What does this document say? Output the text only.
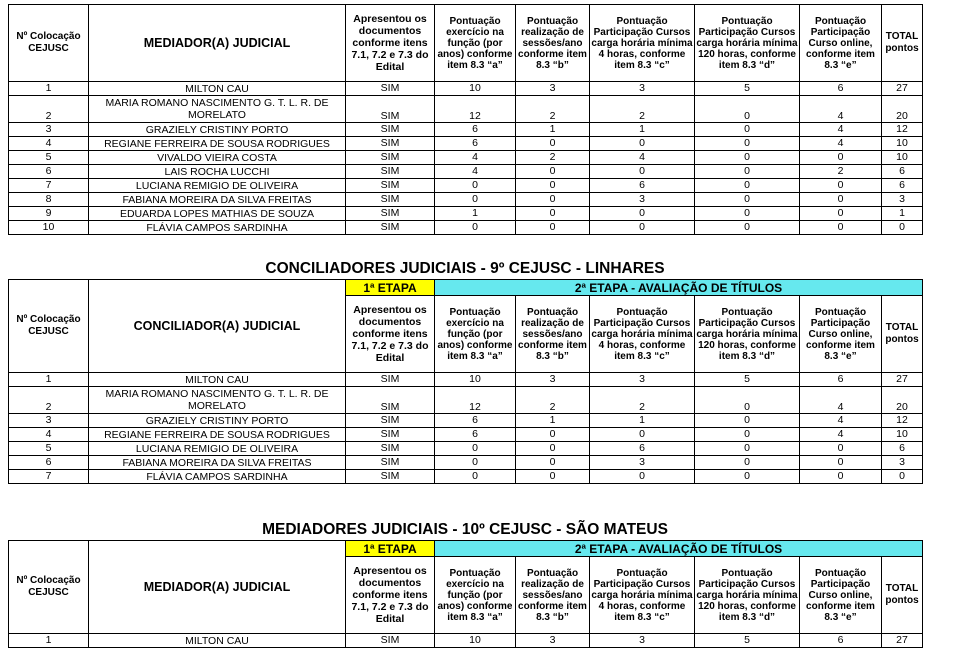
Nº Colocação CEJUSC	MEDIADOR(A) JUDICIAL	Apresentou os documentos conforme itens 7.1, 7.2 e 7.3 do Edital	Pontuação exercício na função (por anos) conforme item 8.3 “a”	Pontuação realização de sessões/ano conforme item 8.3 “b”	Pontuação Participação Cursos carga horária mínima 4 horas, conforme item 8.3 “c”	Pontuação Participação Cursos carga horária mínima 120 horas, conforme item 8.3 “d”	Pontuação Participação Curso online, conforme item 8.3 “e”	TOTAL pontos
1	MILTON CAU	SIM	10	3	3	5	6	27
2	MARIA ROMANO NASCIMENTO G. T. L. R. DE MORELATO	SIM	12	2	2	0	4	20
3	GRAZIELY CRISTINY PORTO	SIM	6	1	1	0	4	12
4	REGIANE FERREIRA DE SOUSA RODRIGUES	SIM	6	0	0	0	4	10
5	VIVALDO VIEIRA COSTA	SIM	4	2	4	0	0	10
6	LAIS ROCHA LUCCHI	SIM	4	0	0	0	2	6
7	LUCIANA REMIGIO DE OLIVEIRA	SIM	0	0	6	0	0	6
8	FABIANA MOREIRA DA SILVA FREITAS	SIM	0	0	3	0	0	3
9	EDUARDA LOPES MATHIAS DE SOUZA	SIM	1	0	0	0	0	1
10	FLÁVIA CAMPOS SARDINHA	SIM	0	0	0	0	0	0
CONCILIADORES JUDICIAIS - 9º CEJUSC - LINHARES
Nº Colocação CEJUSC	CONCILIADOR(A) JUDICIAL	1ª ETAPA	2ª ETAPA - AVALIAÇÃO DE TÍTULOS					
		Apresentou os documentos conforme itens 7.1, 7.2 e 7.3 do Edital	Pontuação exercício na função (por anos) conforme item 8.3 “a”	Pontuação realização de sessões/ano conforme item 8.3 “b”	Pontuação Participação Cursos carga horária mínima 4 horas, conforme item 8.3 “c”	Pontuação Participação Cursos carga horária mínima 120 horas, conforme item 8.3 “d”	Pontuação Participação Curso online, conforme item 8.3 “e”	TOTAL pontos
1	MILTON CAU	SIM	10	3	3	5	6	27
2	MARIA ROMANO NASCIMENTO G. T. L. R. DE MORELATO	SIM	12	2	2	0	4	20
3	GRAZIELY CRISTINY PORTO	SIM	6	1	1	0	4	12
4	REGIANE FERREIRA DE SOUSA RODRIGUES	SIM	6	0	0	0	4	10
5	LUCIANA REMIGIO DE OLIVEIRA	SIM	0	0	6	0	0	6
6	FABIANA MOREIRA DA SILVA FREITAS	SIM	0	0	3	0	0	3
7	FLÁVIA CAMPOS SARDINHA	SIM	0	0	0	0	0	0
MEDIADORES JUDICIAIS - 10º CEJUSC - SÃO MATEUS
Nº Colocação CEJUSC	MEDIADOR(A) JUDICIAL	1ª ETAPA	2ª ETAPA - AVALIAÇÃO DE TÍTULOS					
		Apresentou os documentos conforme itens 7.1, 7.2 e 7.3 do Edital	Pontuação exercício na função (por anos) conforme item 8.3 “a”	Pontuação realização de sessões/ano conforme item 8.3 “b”	Pontuação Participação Cursos carga horária mínima 4 horas, conforme item 8.3 “c”	Pontuação Participação Cursos carga horária mínima 120 horas, conforme item 8.3 “d”	Pontuação Participação Curso online, conforme item 8.3 “e”	TOTAL pontos
1	MILTON CAU	SIM	10	3	3	5	6	27
